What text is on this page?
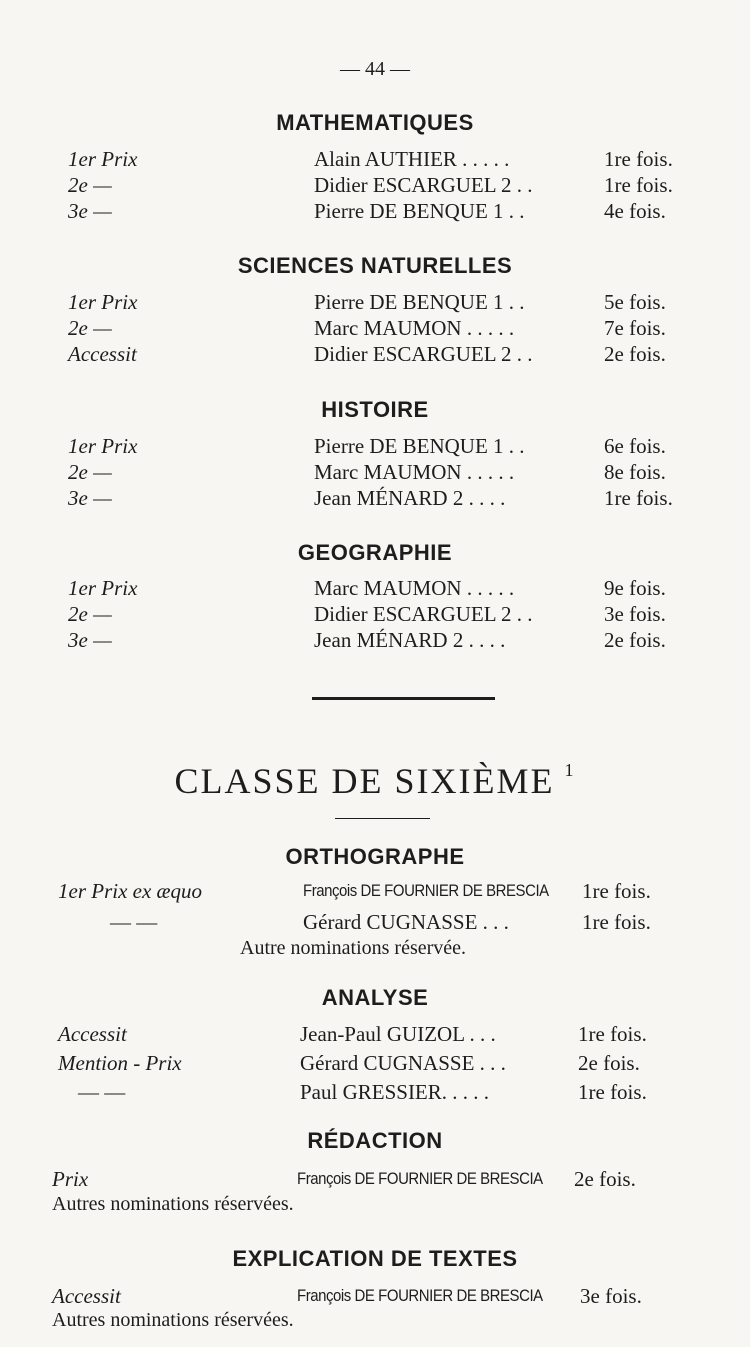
— 44 —
MATHEMATIQUES
1er Prix	Alain AUTHIER . . . . .	1re fois.
2e —	Didier ESCARGUEL 2 . .	1re fois.
3e —	Pierre DE BENQUE 1 . .	4e fois.
SCIENCES NATURELLES
1er Prix	Pierre DE BENQUE 1 . .	5e fois.
2e —	Marc MAUMON . . . . .	7e fois.
Accessit	Didier ESCARGUEL 2 . .	2e fois.
HISTOIRE
1er Prix	Pierre DE BENQUE 1 . .	6e fois.
2e —	Marc MAUMON . . . . .	8e fois.
3e —	Jean MÉNARD 2 . . . .	1re fois.
GEOGRAPHIE
1er Prix	Marc MAUMON . . . . .	9e fois.
2e —	Didier ESCARGUEL 2 . .	3e fois.
3e —	Jean MÉNARD 2 . . . .	2e fois.
CLASSE DE SIXIÈME $^1$
ORTHOGRAPHE
1er Prix ex æquo	François DE FOURNIER DE BRESCIA 1re fois.
— —	Gérard CUGNASSE . . .	1re fois.
Autre nominations réservée.
ANALYSE
Accessit	Jean-Paul GUIZOL . . .	1re fois.
Mention - Prix	Gérard CUGNASSE . . .	2e fois.
— —	Paul GRESSIER. . . . .	1re fois.
RÉDACTION
Prix	François DE FOURNIER DE BRESCIA 2e fois.
Autres nominations réservées.
EXPLICATION DE TEXTES
Accessit	François DE FOURNIER DE BRESCIA 3e fois.
Autres nominations réservées.
